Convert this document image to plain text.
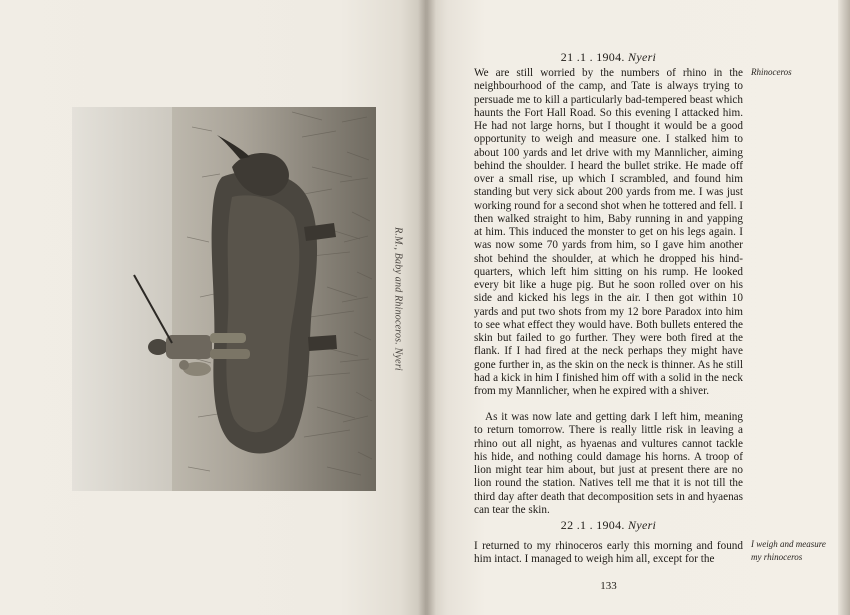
R.M., Baby and Rhinoceros. Nyeri

21 .1 . 1904. Nyeri

We are still worried by the numbers of rhino in the neighbourhood of the camp, and Tate is always trying to persuade me to kill a particularly bad-tempered beast which haunts the Fort Hall Road. So this evening I attacked him. He had not large horns, but I thought it would be a good opportunity to weigh and measure one. I stalked him to about 100 yards and let drive with my Mannlicher, aiming behind the shoulder. I heard the bullet strike. He made off over a small rise, up which I scrambled, and found him standing but very sick about 200 yards from me. I was just working round for a second shot when he tottered and fell. I then walked straight to him, Baby running in and yapping at him. This induced the monster to get on his legs again. I was now some 70 yards from him, so I gave him another shot behind the shoulder, at which he dropped his hind-quarters, which left him sitting on his rump. He looked every bit like a huge pig. But he soon rolled over on his side and kicked his legs in the air. I then got within 10 yards and put two shots from my 12 bore Paradox into him to see what effect they would have. Both bullets entered the skin but failed to go further. They were both fired at the flank. If I had fired at the neck perhaps they might have gone further in, as the skin on the neck is thinner. As he still had a kick in him I finished him off with a solid in the neck from my Mannlicher, when he expired with a shiver.

As it was now late and getting dark I left him, meaning to return tomorrow. There is really little risk in leaving a rhino out all night, as hyaenas and vultures cannot tackle his hide, and nothing could damage his horns. A troop of lion might tear him about, but just at present there are no lion round the station. Natives tell me that it is not till the third day after death that decomposition sets in and hyaenas can tear the skin.

22 .1 . 1904. Nyeri

I returned to my rhinoceros early this morning and found him intact. I managed to weigh him all, except for the

Rhinoceros

I weigh and measure my rhinoceros

133
